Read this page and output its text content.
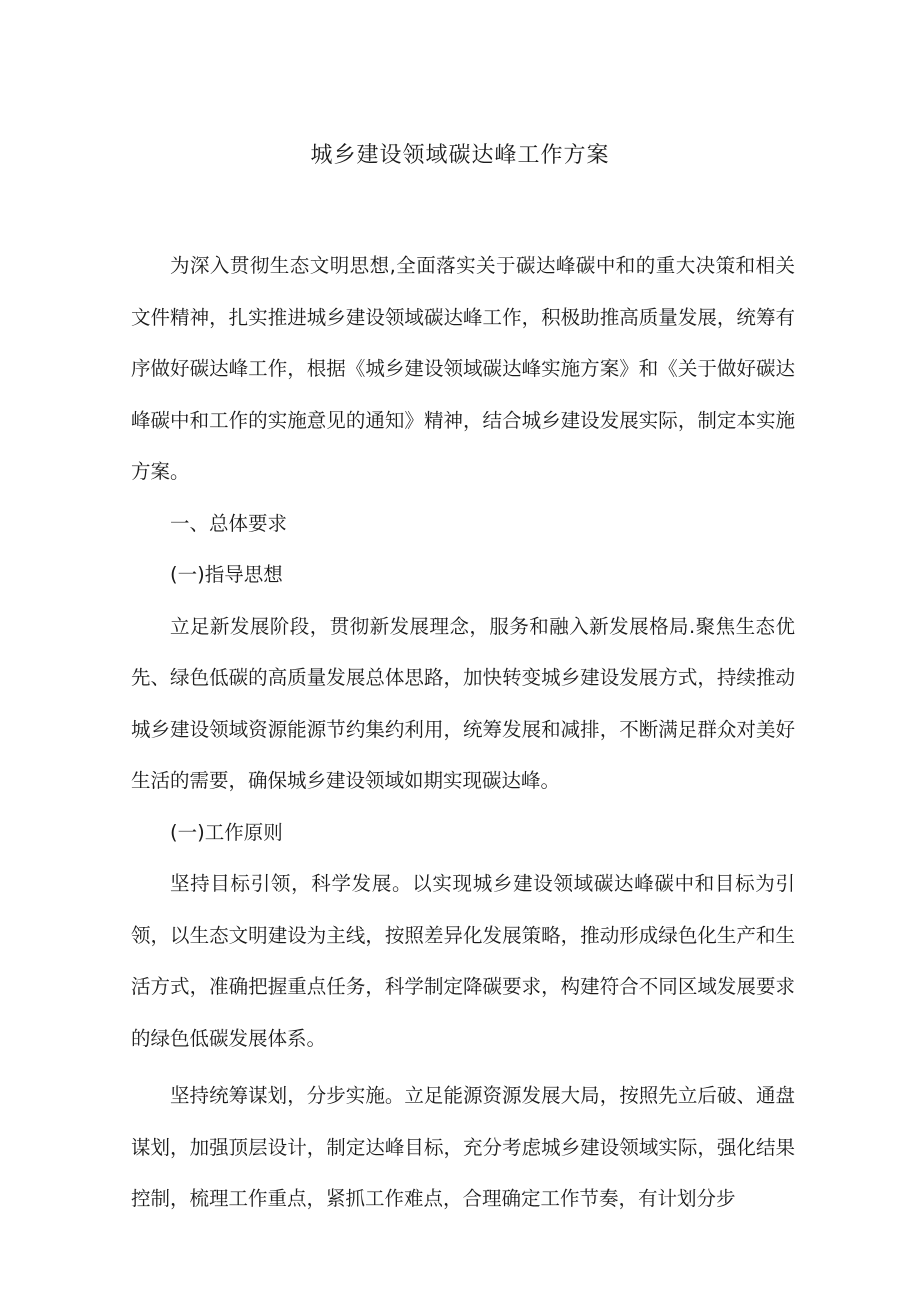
城乡建设领域碳达峰工作方案

为深入贯彻生态文明思想,全面落实关于碳达峰碳中和的重大决策和相关文件精神，扎实推进城乡建设领域碳达峰工作，积极助推高质量发展，统筹有序做好碳达峰工作，根据《城乡建设领域碳达峰实施方案》和《关于做好碳达峰碳中和工作的实施意见的通知》精神，结合城乡建设发展实际，制定本实施方案。

一、总体要求

(一)指导思想

立足新发展阶段，贯彻新发展理念，服务和融入新发展格局.聚焦生态优先、绿色低碳的高质量发展总体思路，加快转变城乡建设发展方式，持续推动城乡建设领域资源能源节约集约利用，统筹发展和减排，不断满足群众对美好生活的需要，确保城乡建设领域如期实现碳达峰。

(一)工作原则

坚持目标引领，科学发展。以实现城乡建设领域碳达峰碳中和目标为引领，以生态文明建设为主线，按照差异化发展策略，推动形成绿色化生产和生活方式，准确把握重点任务，科学制定降碳要求，构建符合不同区域发展要求的绿色低碳发展体系。

坚持统筹谋划，分步实施。立足能源资源发展大局，按照先立后破、通盘谋划，加强顶层设计，制定达峰目标，充分考虑城乡建设领域实际，强化结果控制，梳理工作重点，紧抓工作难点，合理确定工作节奏，有计划分步
